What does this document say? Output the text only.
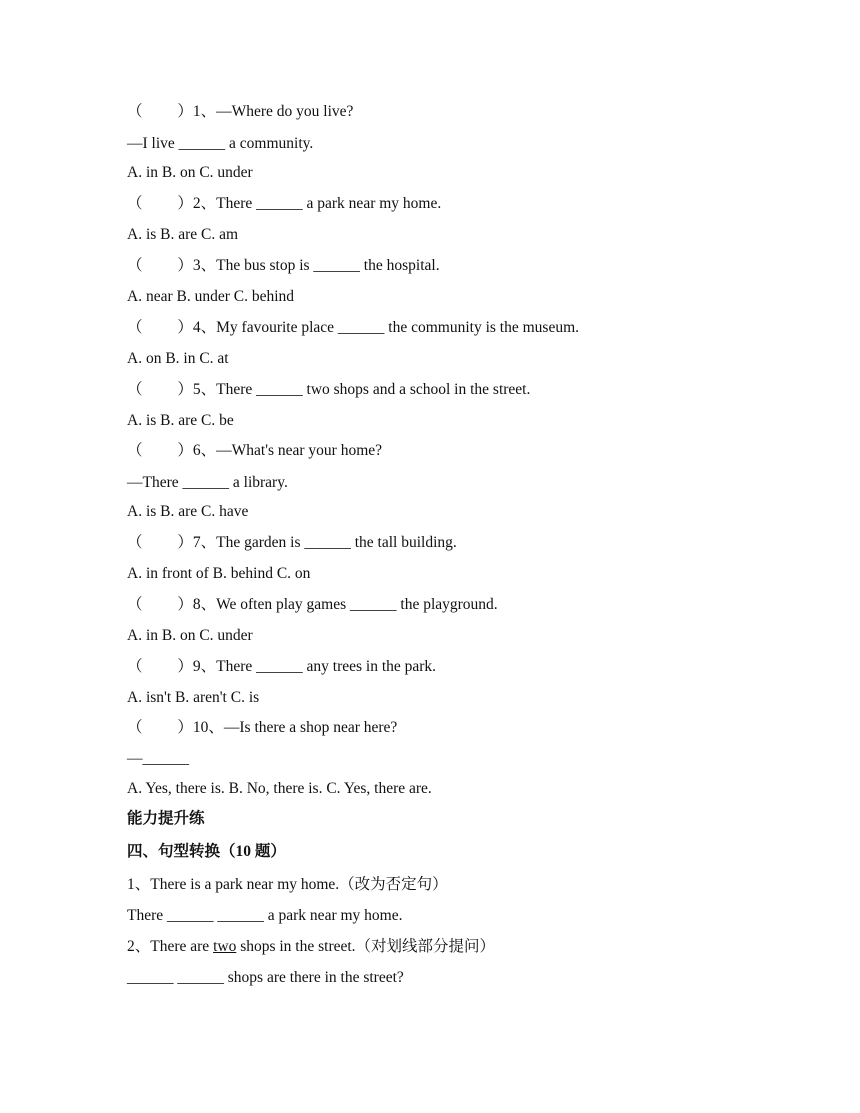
（         ）1、—Where do you live?
—I live ______ a community.
A. in B. on C. under
（         ）2、There ______ a park near my home.
A. is B. are C. am
（         ）3、The bus stop is ______ the hospital.
A. near B. under C. behind
（         ）4、My favourite place ______ the community is the museum.
A. on B. in C. at
（         ）5、There ______ two shops and a school in the street.
A. is B. are C. be
（         ）6、—What's near your home?
—There ______ a library.
A. is B. are C. have
（         ）7、The garden is ______ the tall building.
A. in front of B. behind C. on
（         ）8、We often play games ______ the playground.
A. in B. on C. under
（         ）9、There ______ any trees in the park.
A. isn't B. aren't C. is
（         ）10、—Is there a shop near here?
—______
A. Yes, there is. B. No, there is. C. Yes, there are.
能力提升练
四、句型转换（10 题）
1、There is a park near my home.（改为否定句）
There ______ ______ a park near my home.
2、There are two shops in the street.（对划线部分提问）
______ ______ shops are there in the street?
